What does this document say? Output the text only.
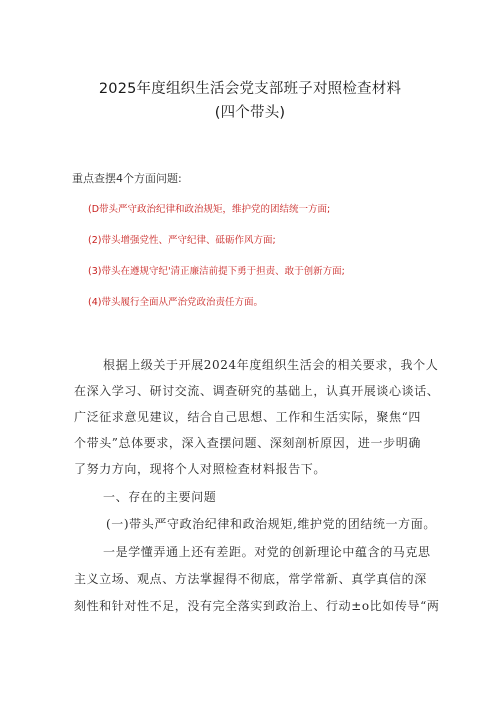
2025年度组织生活会党支部班子对照检查材料
(四个带头)
重点查摆4个方面问题:
(D带头严守政治纪律和政治规矩，维护党的团结统一方面;
(2)带头增强党性、严守纪律、砥砺作风方面;
(3)带头在遵规守纪'清正廉洁前提下勇于担责、敢于创新方面;
(4)带头履行全面从严治党政治责任方面。
根据上级关于开展2024年度组织生活会的相关要求，我个人
在深入学习、研讨交流、调查研究的基础上，认真开展谈心谈话、
广泛征求意见建议，结合自己思想、工作和生活实际，聚焦“四
个带头”总体要求，深入查摆问题、深刻剖析原因，进一步明确
了努力方向，现将个人对照检查材料报告下。
一、存在的主要问题
(一)带头严守政治纪律和政治规矩,维护党的团结统一方面。
一是学懂弄通上还有差距。对党的创新理论中蕴含的马克思
主义立场、观点、方法掌握得不彻底，常学常新、真学真信的深
刻性和针对性不足，没有完全落实到政治上、行动±o比如传导“两
